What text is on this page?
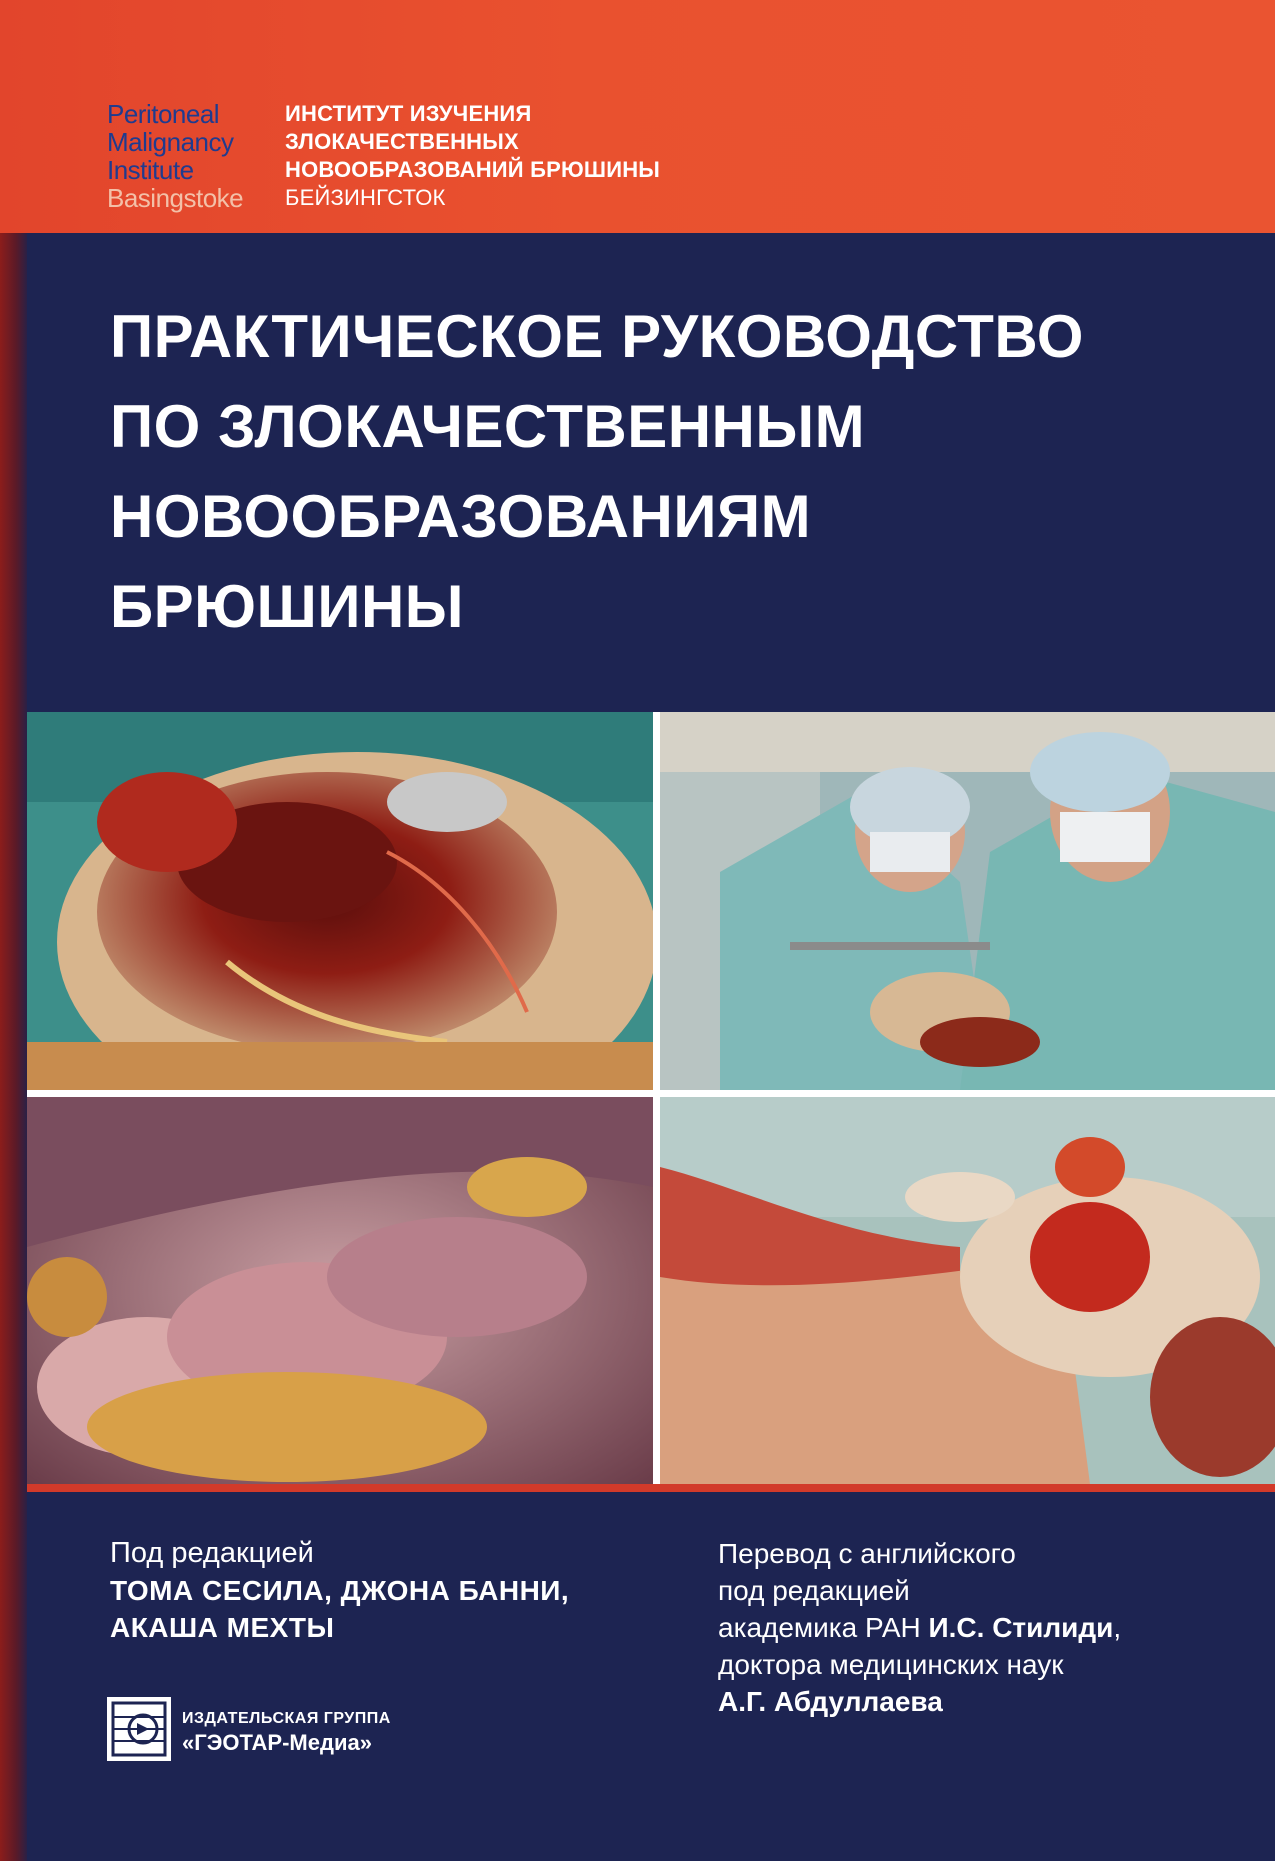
Peritoneal
Malignancy
Institute
Basingstoke
ИНСТИТУТ ИЗУЧЕНИЯ
ЗЛОКАЧЕСТВЕННЫХ
НОВООБРАЗОВАНИЙ БРЮШИНЫ
БЕЙЗИНГСТОК
ПРАКТИЧЕСКОЕ РУКОВОДСТВО
ПО ЗЛОКАЧЕСТВЕННЫМ
НОВООБРАЗОВАНИЯМ
БРЮШИНЫ
Под редакцией
ТОМА СЕСИЛА, ДЖОНА БАННИ,
АКАША МЕХТЫ
Перевод с английского
под редакцией
академика РАН И.С. Стилиди,
доктора медицинских наук
А.Г. Абдуллаева
ИЗДАТЕЛЬСКАЯ ГРУППА
«ГЭОТАР-Медиа»
